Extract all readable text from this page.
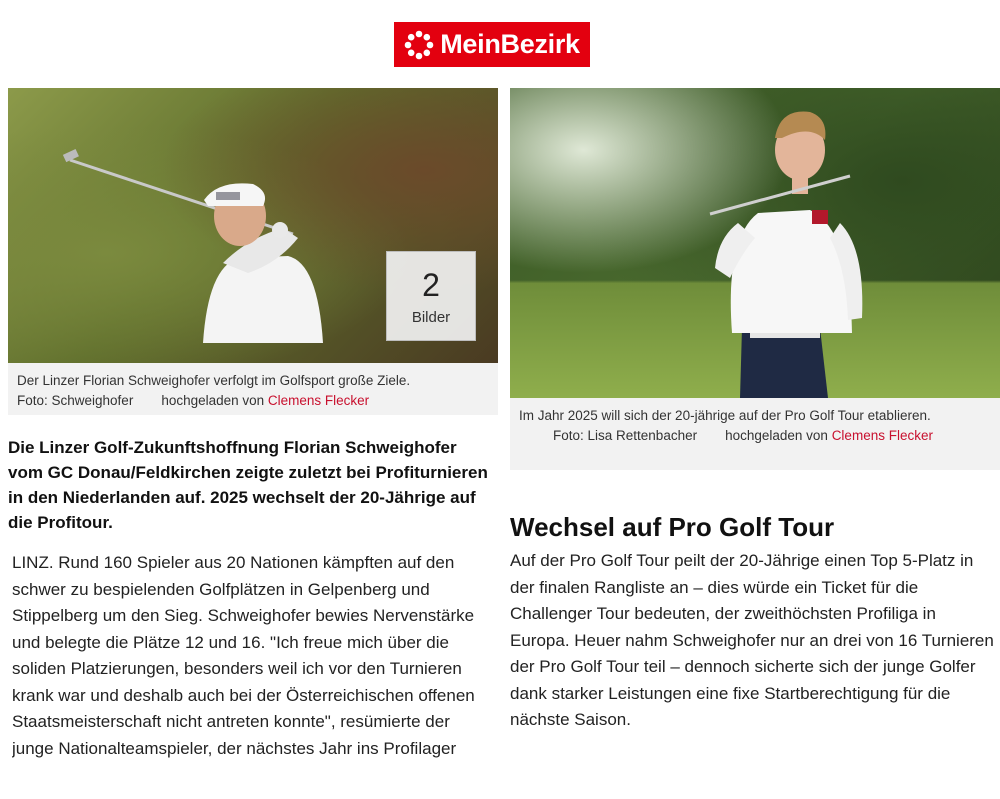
MeinBezirk
2
Bilder
Der Linzer Florian Schweighofer verfolgt im Golfsport große Ziele.
Foto: Schweighofer hochgeladen von Clemens Flecker
Im Jahr 2025 will sich der 20-jährige auf der Pro Golf Tour etablieren. Foto: Lisa Rettenbacher hochgeladen von Clemens Flecker
Die Linzer Golf-Zukunftshoffnung Florian Schweighofer vom GC Donau/Feldkirchen zeigte zuletzt bei Profiturnieren in den Niederlanden auf. 2025 wechselt der 20-Jährige auf die Profitour.
LINZ. Rund 160 Spieler aus 20 Nationen kämpften auf den schwer zu bespielenden Golfplätzen in Gelpenberg und Stippelberg um den Sieg. Schweighofer bewies Nervenstärke und belegte die Plätze 12 und 16. "Ich freue mich über die soliden Platzierungen, besonders weil ich vor den Turnieren krank war und deshalb auch bei der Österreichischen offenen Staatsmeisterschaft nicht antreten konnte", resümierte der junge Nationalteamspieler, der nächstes Jahr ins Profilager
Wechsel auf Pro Golf Tour
Auf der Pro Golf Tour peilt der 20-Jährige einen Top 5-Platz in der finalen Rangliste an – dies würde ein Ticket für die Challenger Tour bedeuten, der zweithöchsten Profiliga in Europa. Heuer nahm Schweighofer nur an drei von 16 Turnieren der Pro Golf Tour teil – dennoch sicherte sich der junge Golfer dank starker Leistungen eine fixe Startberechtigung für die nächste Saison.
